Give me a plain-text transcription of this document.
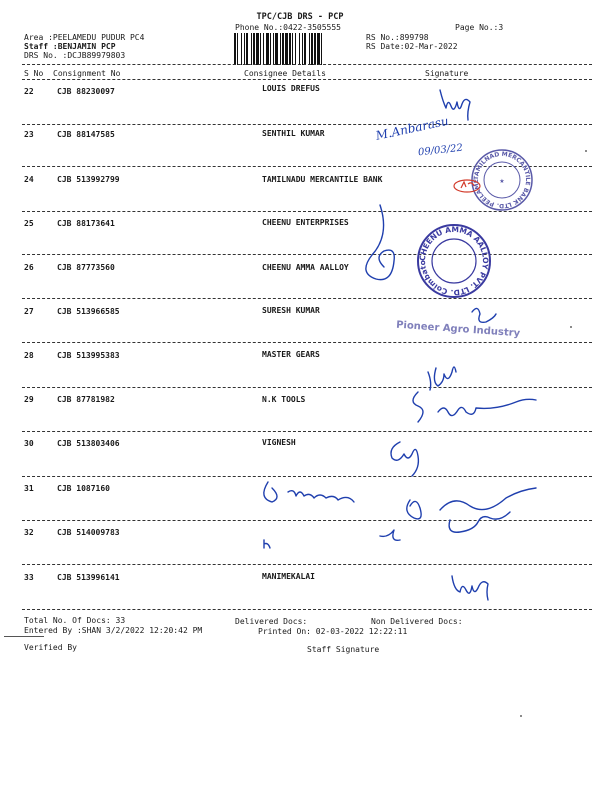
TPC/CJB DRS - PCP
Phone No.:0422-3505555	Page No.:3
Area :PEELAMEDU PUDUR PC4
Staff :BENJAMIN PCP
DRS No. :DCJB89979803
RS No.:899798
RS Date:02-Mar-2022
S No Consignment No	Consignee Details	Signature
22	CJB 88230097	LOUIS DREFUS
23	CJB 88147585	SENTHIL KUMAR
24	CJB 513992799	TAMILNADU MERCANTILE BANK
25	CJB 88173641	CHEENU ENTERPRISES
26	CJB 87773560	CHEENU AMMA AALLOY
27	CJB 513966585	SURESH KUMAR
28	CJB 513995383	MASTER GEARS
29	CJB 87781982	N.K TOOLS
30	CJB 513803406	VIGNESH
31	CJB 1087160
32	CJB 514009783
33	CJB 513996141	MANIMEKALAI
Total No. Of Docs: 33	Delivered Docs:	Non Delivered Docs:
Entered By :SHAN 3/2/2022 12:20:42 PM	Printed On: 02-03-2022 12:22:11
Verified By	Staff Signature
M.Anbarasu
09/03/22
TAMILNAD MERCANTILE BANK LTD. PEELAME	★
CHEENU AMMA AALLOY PVT. LTD. Coimbato
Pioneer Agro Industry
